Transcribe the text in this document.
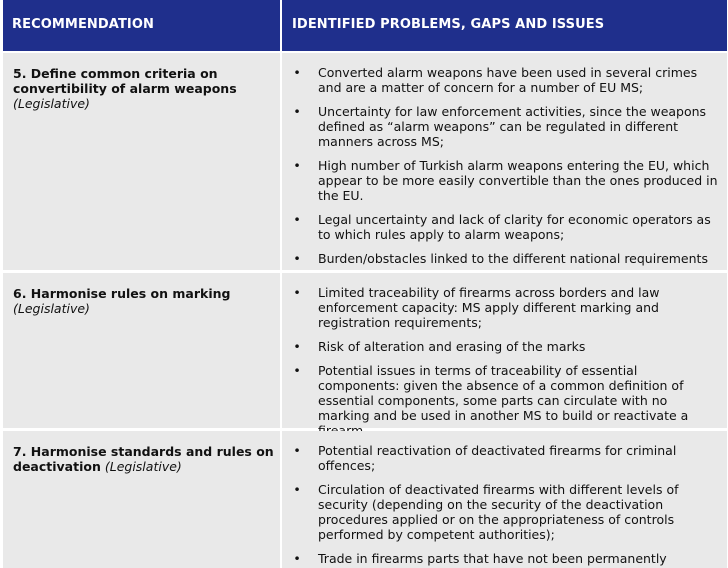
RECOMMENDATION	IDENTIFIED PROBLEMS, GAPS AND ISSUES
5. Define common criteria on convertibility of alarm weapons
(Legislative)
• Converted alarm weapons have been used in several crimes and are a matter of concern for a number of EU MS;
• Uncertainty for law enforcement activities, since the weapons defined as “alarm weapons” can be regulated in different manners across MS;
• High number of Turkish alarm weapons entering the EU, which appear to be more easily convertible than the ones produced in the EU.
• Legal uncertainty and lack of clarity for economic operators as to which rules apply to alarm weapons;
• Burden/obstacles linked to the different national requirements
6. Harmonise rules on marking
(Legislative)
• Limited traceability of firearms across borders and law enforcement capacity: MS apply different marking and registration requirements;
• Risk of alteration and erasing of the marks
• Potential issues in terms of traceability of essential components: given the absence of a common definition of essential components, some parts can circulate with no marking and be used in another MS to build or reactivate a
7. Harmonise standards and rules on deactivation (Legislative)
• Potential reactivation of deactivated firearms for criminal offences;
• Circulation of deactivated firearms with different levels of security (depending on the security of the deactivation procedures applied or on the appropriateness of controls performed by competent authorities);
• Trade in firearms parts that have not been permanently
